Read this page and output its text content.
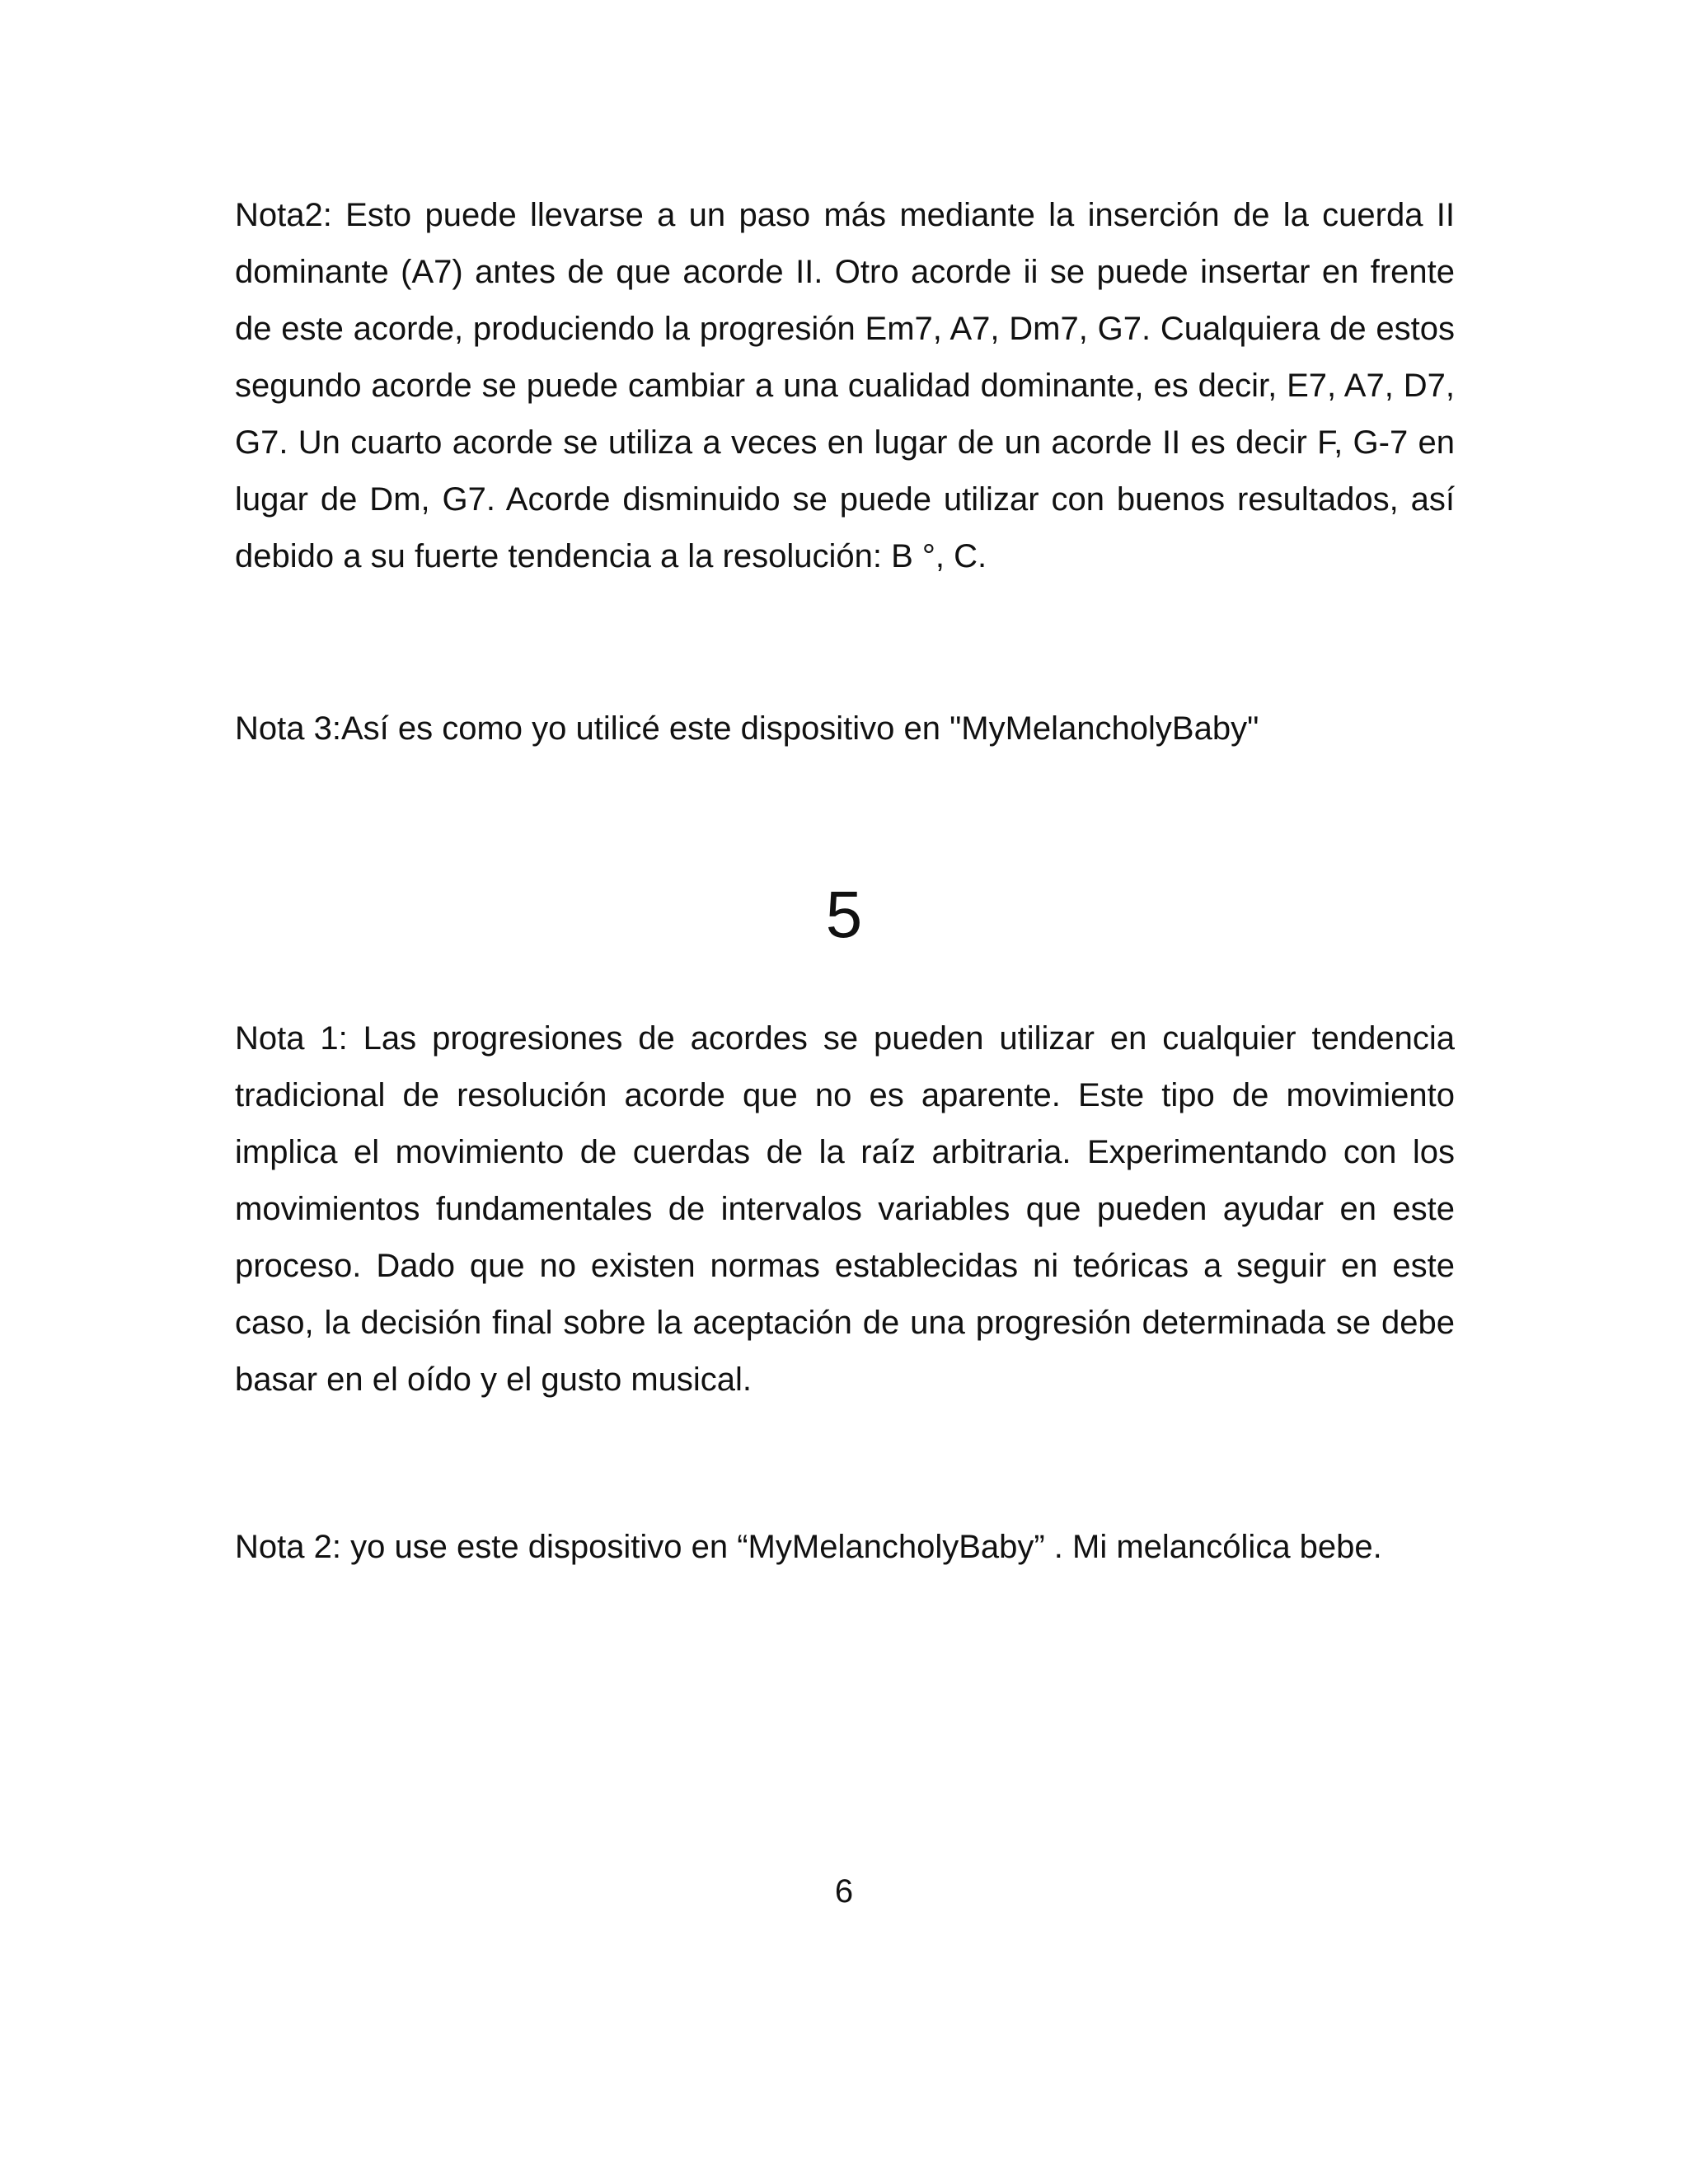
Nota2: Esto puede llevarse a un paso más mediante la inserción de la cuerda II dominante (A7) antes de que acorde II. Otro acorde ii se puede insertar en frente de este acorde, produciendo la progresión Em7, A7, Dm7, G7. Cualquiera de estos segundo acorde se puede cambiar a una cualidad dominante, es decir, E7, A7, D7, G7. Un cuarto acorde se utiliza a veces en lugar de un acorde II es decir F, G-7 en lugar de Dm, G7. Acorde disminuido se puede utilizar con buenos resultados, así debido a su fuerte tendencia a la resolución: B °, C.

Nota 3:Así es como yo utilicé este dispositivo en "MyMelancholyBaby"

5

Nota 1: Las progresiones de acordes se pueden utilizar en cualquier tendencia tradicional de resolución acorde que no es aparente. Este tipo de movimiento implica el movimiento de cuerdas de la raíz arbitraria. Experimentando con los movimientos fundamentales de intervalos variables que pueden ayudar en este proceso. Dado que no existen normas establecidas ni teóricas a seguir en este caso, la decisión final sobre la aceptación de una progresión determinada se debe basar en el oído y el gusto musical.

Nota 2: yo use este dispositivo en “MyMelancholyBaby” . Mi melancólica bebe.

6
